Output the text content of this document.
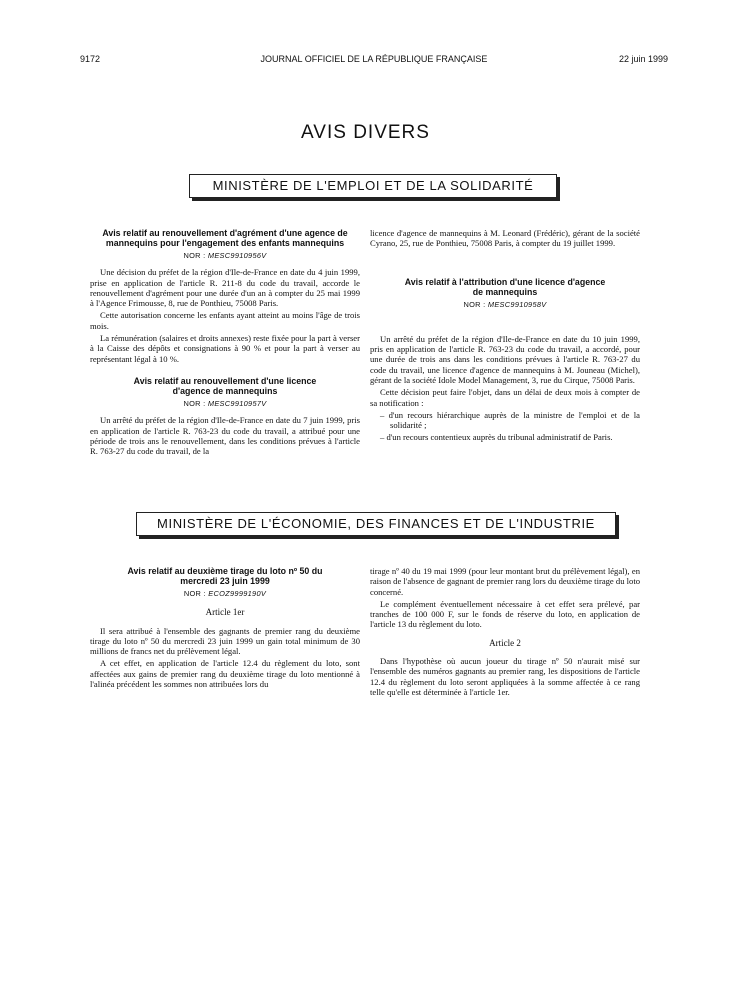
9172	JOURNAL OFFICIEL DE LA RÉPUBLIQUE FRANÇAISE	22 juin 1999
AVIS DIVERS
MINISTÈRE DE L'EMPLOI ET DE LA SOLIDARITÉ
Avis relatif au renouvellement d'agrément d'une agence de mannequins pour l'engagement des enfants mannequins
NOR : MESC9910956V

Une décision du préfet de la région d'Ile-de-France en date du 4 juin 1999, prise en application de l'article R. 211-8 du code du travail, accorde le renouvellement d'agrément pour une durée d'un an à compter du 25 mai 1999 à l'Agence Frimousse, 8, rue de Ponthieu, 75008 Paris.

Cette autorisation concerne les enfants ayant atteint au moins l'âge de trois mois.

La rémunération (salaires et droits annexes) reste fixée pour la part à verser à la Caisse des dépôts et consignations à 90 % et pour la part à verser au représentant légal à 10 %.

Avis relatif au renouvellement d'une licence d'agence de mannequins
NOR : MESC9910957V

Un arrêté du préfet de la région d'Ile-de-France en date du 7 juin 1999, pris en application de l'article R. 763-23 du code du travail, a attribué pour une période de trois ans le renouvellement, dans les conditions prévues à l'article R. 763-27 du code du travail, de la

licence d'agence de mannequins à M. Leonard (Frédéric), gérant de la société Cyrano, 25, rue de Ponthieu, 75008 Paris, à compter du 19 juillet 1999.

Avis relatif à l'attribution d'une licence d'agence de mannequins
NOR : MESC9910958V

Un arrêté du préfet de la région d'Ile-de-France en date du 10 juin 1999, pris en application de l'article R. 763-23 du code du travail, a accordé, pour une durée de trois ans dans les conditions prévues à l'article R. 763-27 du code du travail, une licence d'agence de mannequins à M. Jouneau (Michel), gérant de la société Idole Model Management, 3, rue du Cirque, 75008 Paris.

Cette décision peut faire l'objet, dans un délai de deux mois à compter de sa notification :

– d'un recours hiérarchique auprès de la ministre de l'emploi et de la solidarité ;
– d'un recours contentieux auprès du tribunal administratif de Paris.
MINISTÈRE DE L'ÉCONOMIE, DES FINANCES ET DE L'INDUSTRIE
Avis relatif au deuxième tirage du loto nº 50 du mercredi 23 juin 1999
NOR : ECOZ9999190V
Article 1er

Il sera attribué à l'ensemble des gagnants de premier rang du deuxième tirage du loto nº 50 du mercredi 23 juin 1999 un gain total minimum de 30 millions de francs net du prélèvement légal.

A cet effet, en application de l'article 12.4 du règlement du loto, sont affectées aux gains de premier rang du deuxième tirage du loto mentionné à l'alinéa précédent les sommes non attribuées lors du

tirage nº 40 du 19 mai 1999 (pour leur montant brut du prélèvement légal), en raison de l'absence de gagnant de premier rang lors du deuxième tirage du loto concerné.

Le complément éventuellement nécessaire à cet effet sera prélevé, par tranches de 100 000 F, sur le fonds de réserve du loto, en application de l'article 13 du règlement du loto.

Article 2

Dans l'hypothèse où aucun joueur du tirage nº 50 n'aurait misé sur l'ensemble des numéros gagnants au premier rang, les dispositions de l'article 12.4 du règlement du loto seront appliquées à la somme affectée à ce rang telle qu'elle est déterminée à l'article 1er.
